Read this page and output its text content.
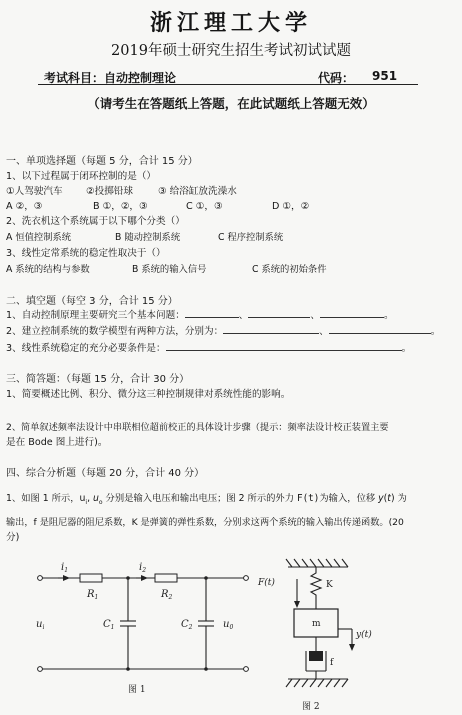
浙江理工大学
2019年硕士研究生招生考试初试试题
考试科目：自动控制理论	代码： 951
（请考生在答题纸上答题，在此试题纸上答题无效）
一、单项选择题（每题 5 分，合计 15 分）
1、以下过程属于闭环控制的是（）
①人驾驶汽车 ②投掷铅球	③ 给浴缸放洗澡水
A ②，③	B ①，②，③	C ①，③	D ①，②
2、洗衣机这个系统属于以下哪个分类（）
A 恒值控制系统	B 随动控制系统	C 程序控制系统
3、线性定常系统的稳定性取决于（）
A 系统的结构与参数	B 系统的输入信号	C 系统的初始条件
二、填空题（每空 3 分，合计 15 分）
1、自动控制原理主要研究三个基本问题：	、	、	。
2、建立控制系统的数学模型有两种方法，分别为：	、	。
3、线性系统稳定的充分必要条件是：	。
三、简答题：（每题 15 分，合计 30 分）
1、简要概述比例、积分、微分这三种控制规律对系统性能的影响。
2、简单叙述频率法设计中串联相位超前校正的具体设计步骤（提示：频率法设计校正装置主要
是在 Bode 图上进行)。
四、综合分析题（每题 20 分，合计 40 分）
1、如图 1 所示，$u_i$, $u_o$ 分别是输入电压和输出电压；图 2 所示的外力 F(t)为输入，位移 y(t) 为
输出，f 是阻尼器的阻尼系数，K 是弹簧的弹性系数，分别求这两个系统的输入输出传递函数。(20
分)
$i_1$	$i_2$
$R_1$	$R_2$
$C_1$	$C_2$
$u_i$	$u_0$
图 1
F(t)	K
m
y(t)
f
图 2
